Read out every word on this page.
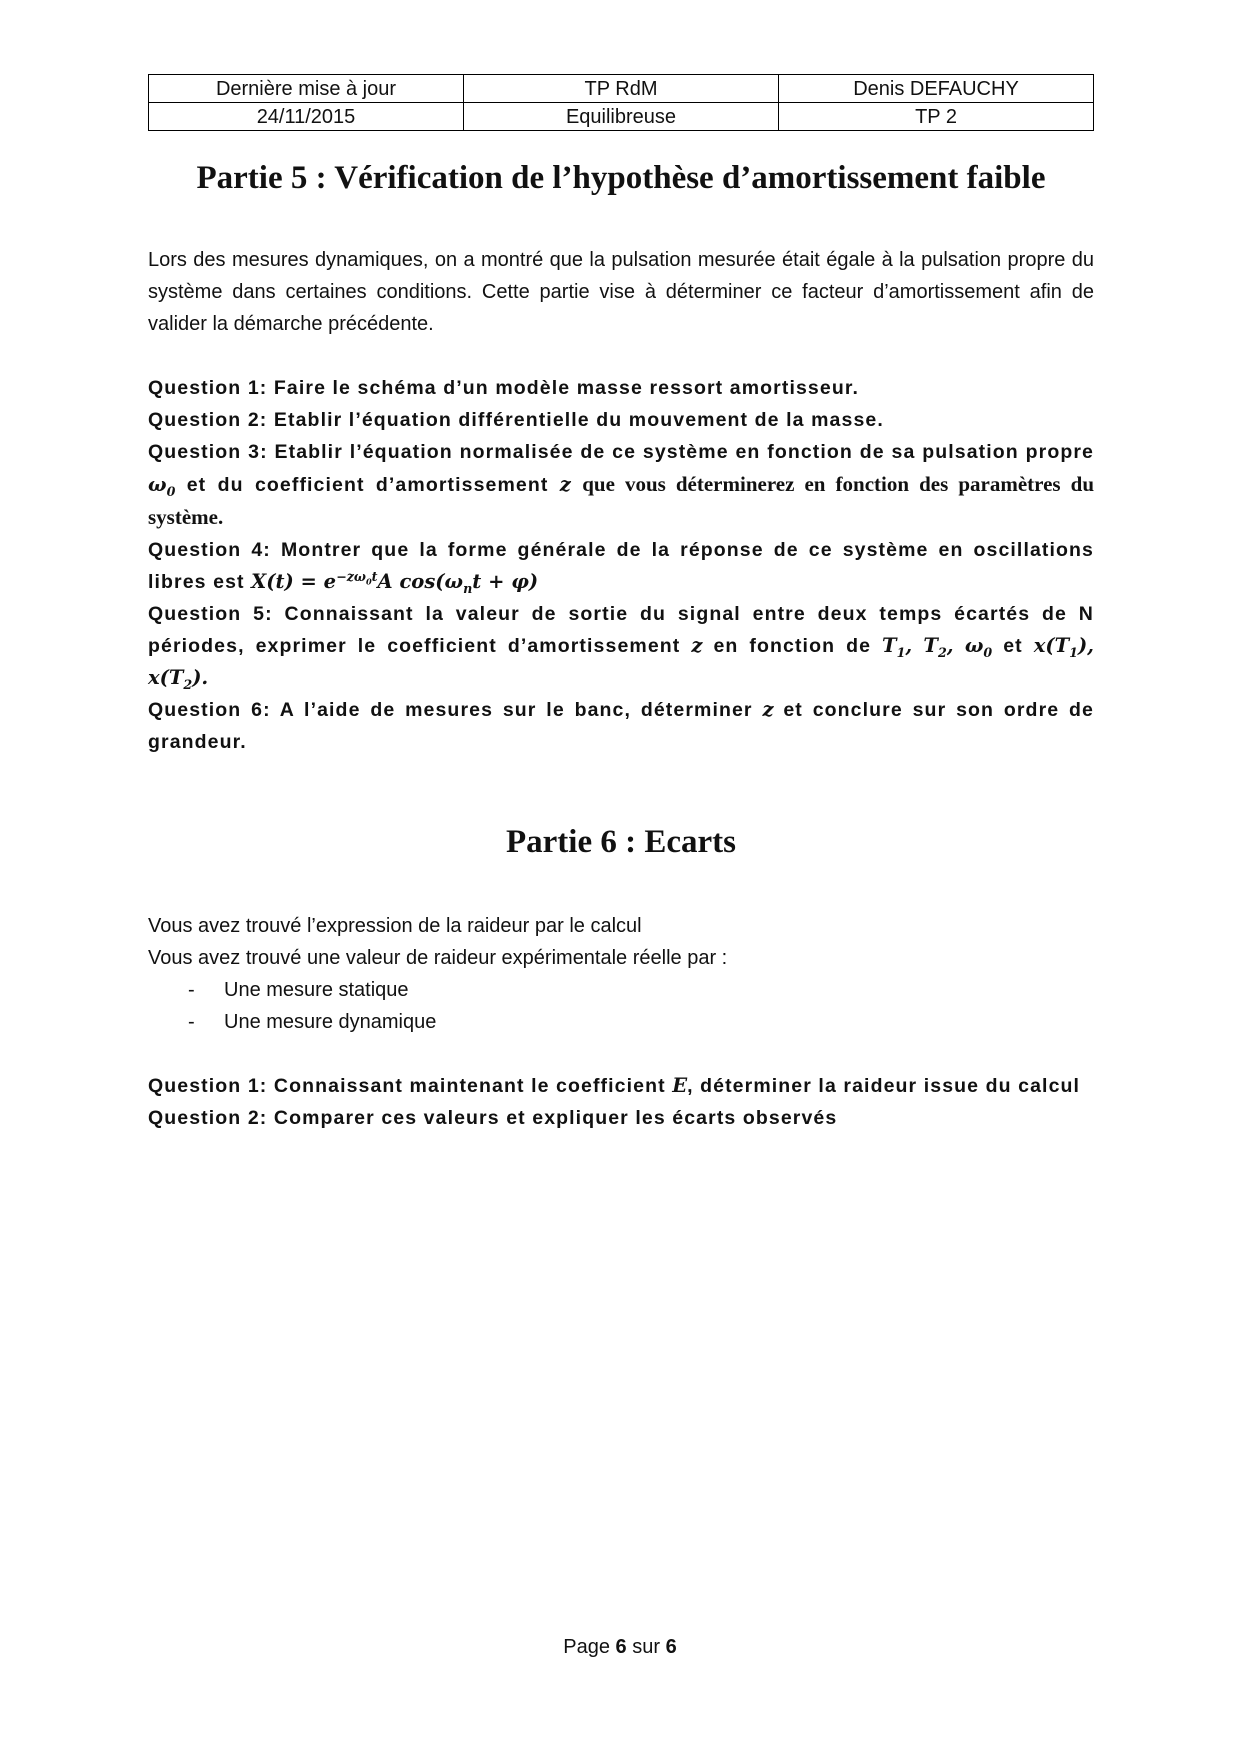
Dernière mise à jour	TP RdM	Denis DEFAUCHY
24/11/2015	Equilibreuse	TP 2
Partie 5 : Vérification de l’hypothèse d’amortissement faible

Lors des mesures dynamiques, on a montré que la pulsation mesurée était égale à la pulsation propre du système dans certaines conditions. Cette partie vise à déterminer ce facteur d’amortissement afin de valider la démarche précédente.

Question 1: Faire le schéma d’un modèle masse ressort amortisseur.

Question 2: Etablir l’équation différentielle du mouvement de la masse.

Question 3: Etablir l’équation normalisée de ce système en fonction de sa pulsation propre $\omega_0$ et du coefficient d’amortissement z que vous déterminerez en fonction des paramètres du système.

Question 4: Montrer que la forme générale de la réponse de ce système en oscillations libres est $X(t) = e^{-z\omega_0t}A$ $\cos(\omega_nt + \varphi)$

Question 5: Connaissant la valeur de sortie du signal entre deux temps écartés de N périodes, exprimer le coefficient d’amortissement z en fonction de $T_1$, $T_2$, $\omega_0$ et $x(T_1)$, $x(T_2)$.

Question 6: A l’aide de mesures sur le banc, déterminer z et conclure sur son ordre de grandeur.

Partie 6 : Ecarts

Vous avez trouvé l’expression de la raideur par le calcul

Vous avez trouvé une valeur de raideur expérimentale réelle par :

- Une mesure statique
- Une mesure dynamique

Question 1: Connaissant maintenant le coefficient E, déterminer la raideur issue du calcul

Question 2: Comparer ces valeurs et expliquer les écarts observés

Page 6 sur 6
